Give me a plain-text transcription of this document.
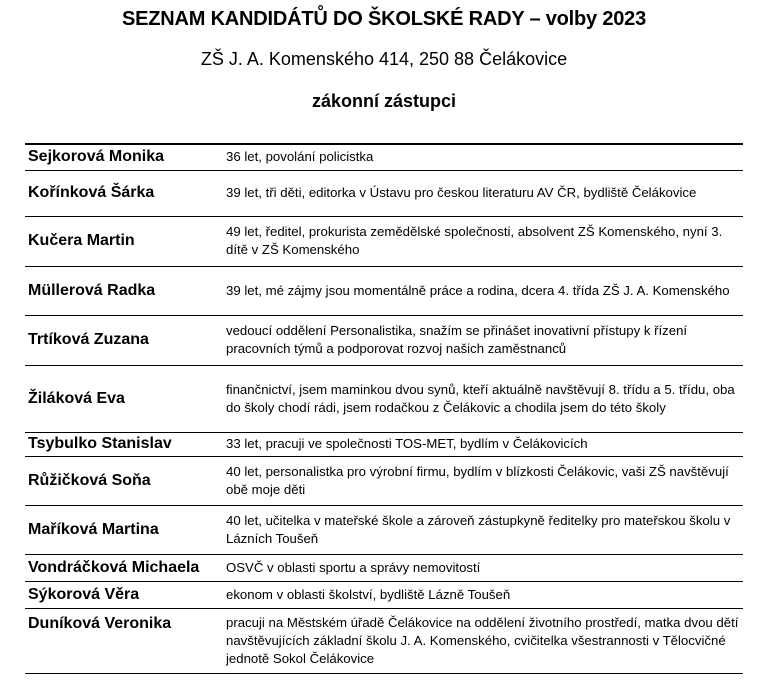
SEZNAM KANDIDÁTŮ DO ŠKOLSKÉ RADY – volby 2023
ZŠ J. A. Komenského 414, 250 88 Čelákovice
zákonní zástupci
Sejkorová Monika	36 let, povolání policistka
Kořínková Šárka	39 let, tři děti, editorka v Ústavu pro českou literaturu AV ČR, bydliště Čelákovice
Kučera Martin	49 let, ředitel, prokurista zemědělské společnosti, absolvent ZŠ Komenského, nyní 3. dítě v ZŠ Komenského
Müllerová Radka	39 let, mé zájmy jsou momentálně práce a rodina, dcera 4. třída ZŠ J. A. Komenského
Trtíková Zuzana	vedoucí oddělení Personalistika, snažím se přinášet inovativní přístupy k řízení pracovních týmů a podporovat rozvoj našich zaměstnanců
Žiláková Eva	finančnictví, jsem maminkou dvou synů, kteří aktuálně navštěvují 8. třídu a 5. třídu, oba do školy chodí rádi, jsem rodačkou z Čelákovic a chodila jsem do této školy
Tsybulko Stanislav	33 let, pracuji ve společnosti TOS-MET, bydlím v Čelákovicích
Růžičková Soňa	40 let, personalistka pro výrobní firmu, bydlím v blízkosti Čelákovic, vaši ZŠ navštěvují obě moje děti
Maříková Martina	40 let, učitelka v mateřské škole a zároveň zástupkyně ředitelky pro mateřskou školu v Lázních Toušeň
Vondráčková Michaela	OSVČ v oblasti sportu a správy nemovitostí
Sýkorová Věra	ekonom v oblasti školství, bydliště Lázně Toušeň
Duníková Veronika	pracuji na Městském úřadě Čelákovice na oddělení životního prostředí, matka dvou dětí navštěvujících základní školu J. A. Komenského, cvičitelka všestrannosti v Tělocvičné jednotě Sokol Čelákovice
